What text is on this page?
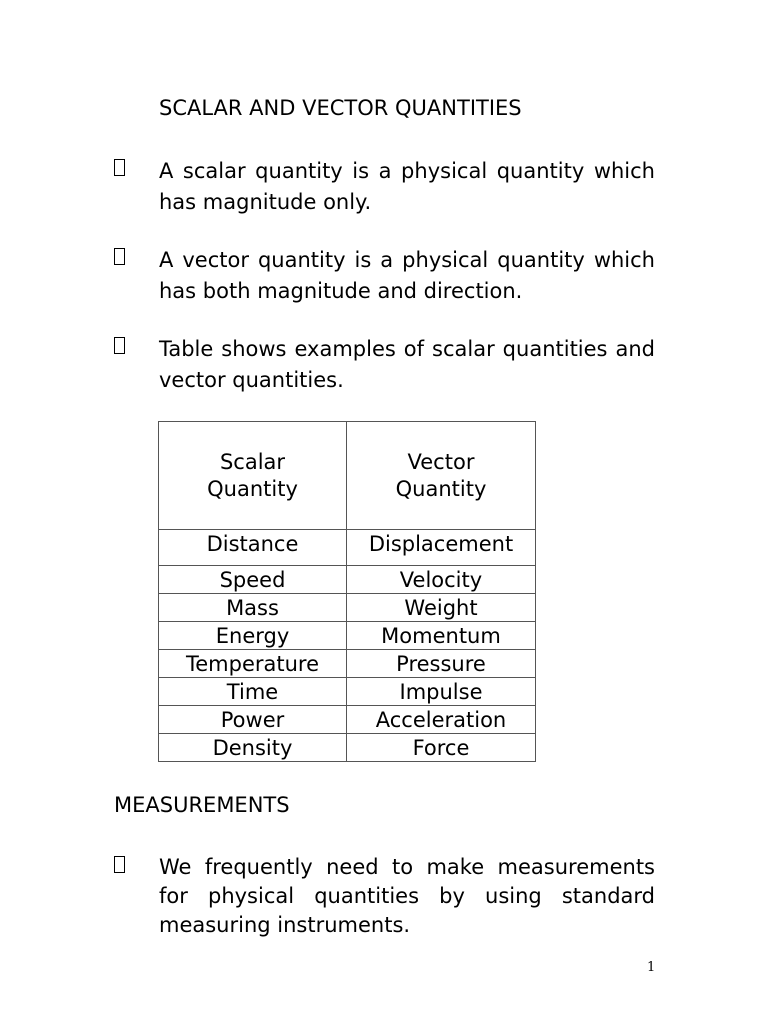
SCALAR AND VECTOR QUANTITIES

A scalar quantity is a physical quantity which has magnitude only.

A vector quantity is a physical quantity which has both magnitude and direction.

Table shows examples of scalar quantities and vector quantities.

Scalar Quantity	Vector Quantity
Distance	Displacement
Speed	Velocity
Mass	Weight
Energy	Momentum
Temperature	Pressure
Time	Impulse
Power	Acceleration
Density	Force
MEASUREMENTS

We frequently need to make measurements for physical quantities by using standard measuring instruments.

1
